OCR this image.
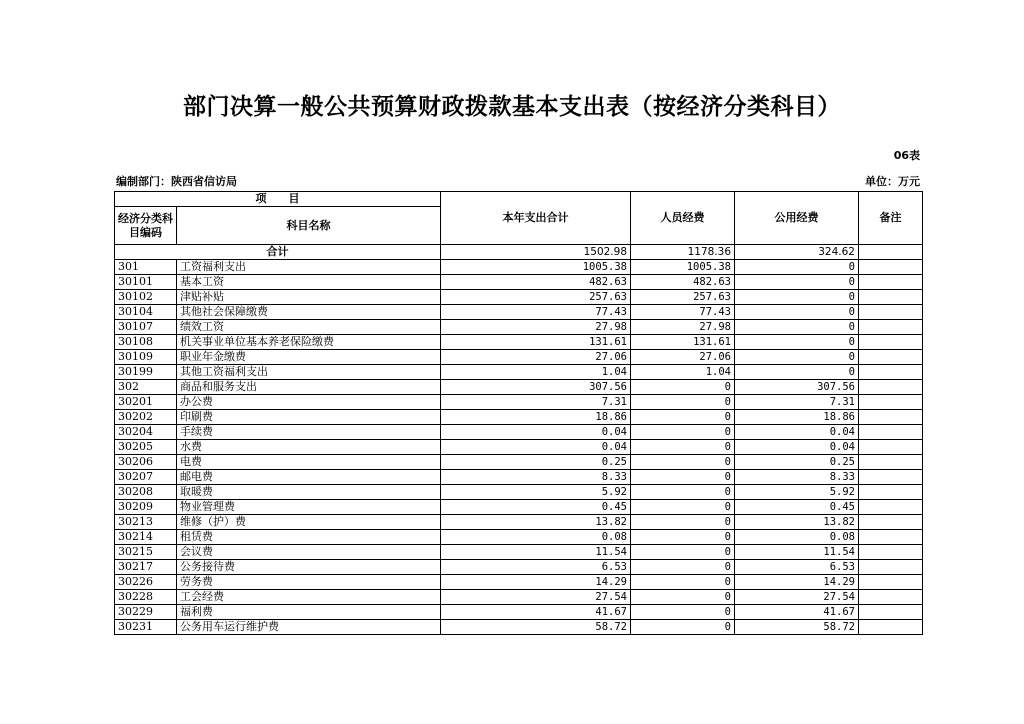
部门决算一般公共预算财政拨款基本支出表（按经济分类科目）
06表
编制部门：陕西省信访局	单位：万元
项　　目		本年支出合计	人员经费	公用经费	备注
经济分类科目编码	科目名称				
合计		1502.98	1178.36	324.62	
301	工资福利支出	1005.38	1005.38	0	
30101	基本工资	482.63	482.63	0	
30102	津贴补贴	257.63	257.63	0	
30104	其他社会保障缴费	77.43	77.43	0	
30107	绩效工资	27.98	27.98	0	
30108	机关事业单位基本养老保险缴费	131.61	131.61	0	
30109	职业年金缴费	27.06	27.06	0	
30199	其他工资福利支出	1.04	1.04	0	
302	商品和服务支出	307.56	0	307.56	
30201	办公费	7.31	0	7.31	
30202	印刷费	18.86	0	18.86	
30204	手续费	0.04	0	0.04	
30205	水费	0.04	0	0.04	
30206	电费	0.25	0	0.25	
30207	邮电费	8.33	0	8.33	
30208	取暖费	5.92	0	5.92	
30209	物业管理费	0.45	0	0.45	
30213	维修（护）费	13.82	0	13.82	
30214	租赁费	0.08	0	0.08	
30215	会议费	11.54	0	11.54	
30217	公务接待费	6.53	0	6.53	
30226	劳务费	14.29	0	14.29	
30228	工会经费	27.54	0	27.54	
30229	福利费	41.67	0	41.67	
30231	公务用车运行维护费	58.72	0	58.72	
